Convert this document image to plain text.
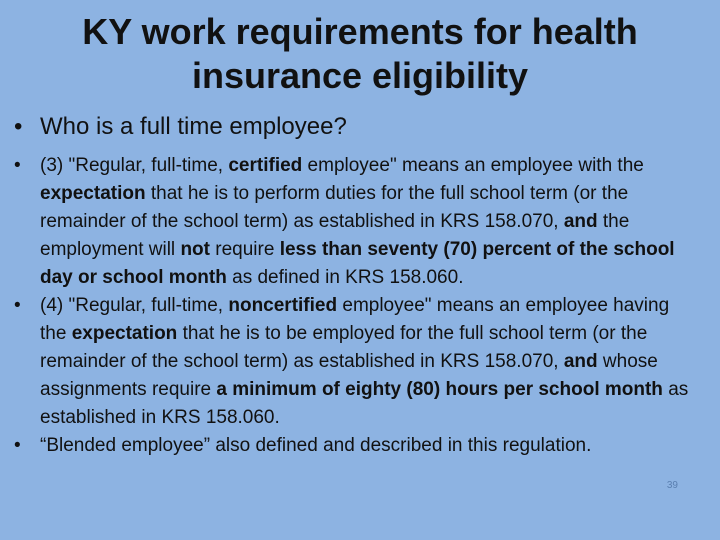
KY work requirements for health insurance eligibility
• Who is a full time employee?
• (3) "Regular, full-time, certified employee" means an employee with the expectation that he is to perform duties for the full school term (or the remainder of the school term) as established in KRS 158.070, and the employment will not require less than seventy (70) percent of the school day or school month as defined in KRS 158.060.
• (4) "Regular, full-time, noncertified employee" means an employee having the expectation that he is to be employed for the full school term (or the remainder of the school term) as established in KRS 158.070, and whose assignments require a minimum of eighty (80) hours per school month as established in KRS 158.060.
• “Blended employee” also defined and described in this regulation.
39
